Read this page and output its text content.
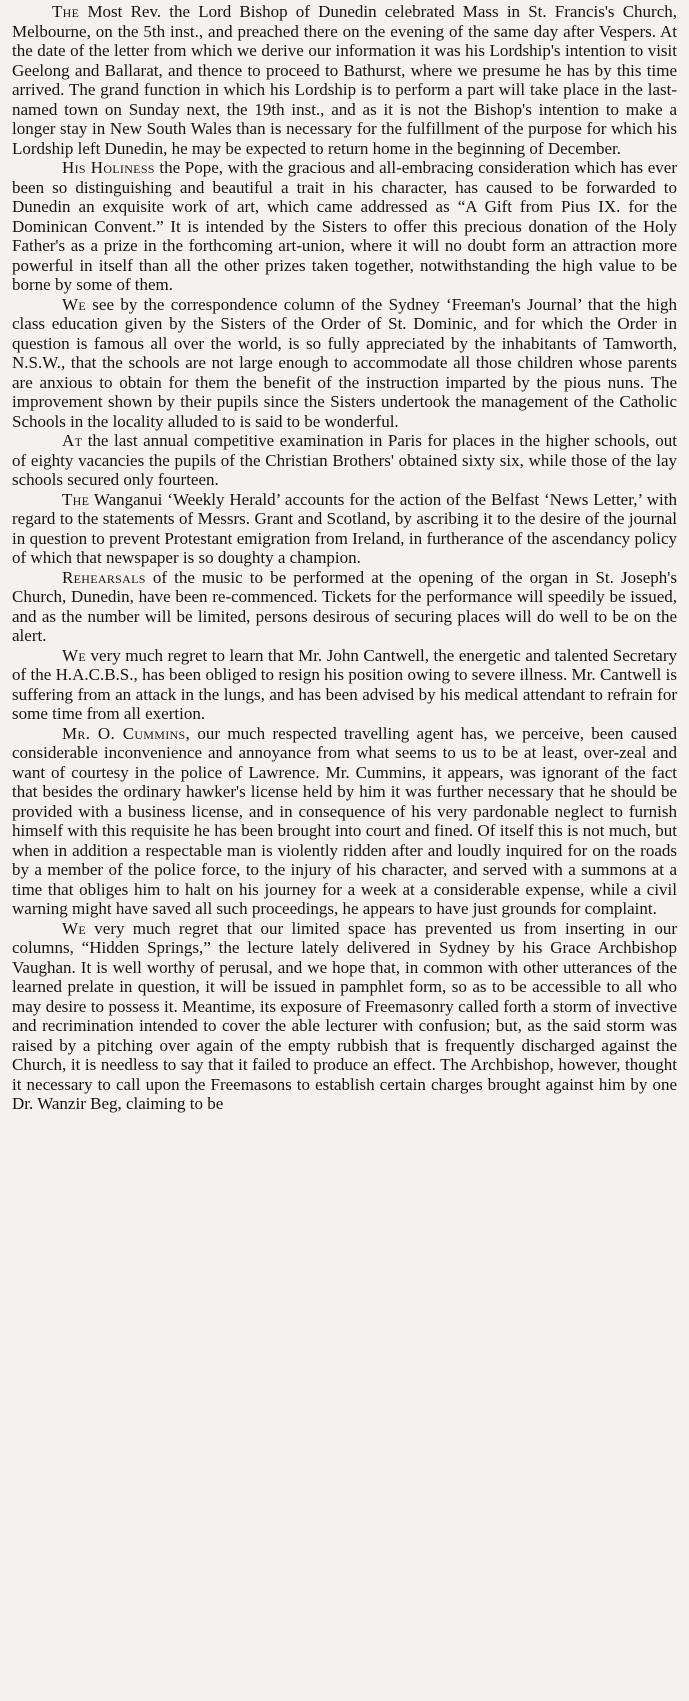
The Most Rev. the Lord Bishop of Dunedin celebrated Mass in St. Francis's Church, Melbourne, on the 5th inst., and preached there on the evening of the same day after Vespers. At the date of the letter from which we derive our information it was his Lordship's intention to visit Geelong and Ballarat, and thence to proceed to Bathurst, where we presume he has by this time arrived. The grand function in which his Lordship is to perform a part will take place in the last-named town on Sunday next, the 19th inst., and as it is not the Bishop's intention to make a longer stay in New South Wales than is necessary for the fulfillment of the purpose for which his Lordship left Dunedin, he may be expected to return home in the beginning of December.

His Holiness the Pope, with the gracious and all-embracing consideration which has ever been so distinguishing and beautiful a trait in his character, has caused to be forwarded to Dunedin an exquisite work of art, which came addressed as “A Gift from Pius IX. for the Dominican Convent.” It is intended by the Sisters to offer this precious donation of the Holy Father's as a prize in the forthcoming art-union, where it will no doubt form an attraction more powerful in itself than all the other prizes taken together, notwithstanding the high value to be borne by some of them.

We see by the correspondence column of the Sydney ‘Freeman's Journal’ that the high class education given by the Sisters of the Order of St. Dominic, and for which the Order in question is famous all over the world, is so fully appreciated by the inhabitants of Tamworth, N.S.W., that the schools are not large enough to accommodate all those children whose parents are anxious to obtain for them the benefit of the instruction imparted by the pious nuns. The improvement shown by their pupils since the Sisters undertook the management of the Catholic Schools in the locality alluded to is said to be wonderful.

At the last annual competitive examination in Paris for places in the higher schools, out of eighty vacancies the pupils of the Christian Brothers' obtained sixty six, while those of the lay schools secured only fourteen.

The Wanganui ‘Weekly Herald’ accounts for the action of the Belfast ‘News Letter,’ with regard to the statements of Messrs. Grant and Scotland, by ascribing it to the desire of the journal in question to prevent Protestant emigration from Ireland, in furtherance of the ascendancy policy of which that newspaper is so doughty a champion.

Rehearsals of the music to be performed at the opening of the organ in St. Joseph's Church, Dunedin, have been re-commenced. Tickets for the performance will speedily be issued, and as the number will be limited, persons desirous of securing places will do well to be on the alert.

We very much regret to learn that Mr. John Cantwell, the energetic and talented Secretary of the H.A.C.B.S., has been obliged to resign his position owing to severe illness. Mr. Cantwell is suffering from an attack in the lungs, and has been advised by his medical attendant to refrain for some time from all exertion.

Mr. O. Cummins, our much respected travelling agent has, we perceive, been caused considerable inconvenience and annoyance from what seems to us to be at least, over-zeal and want of courtesy in the police of Lawrence. Mr. Cummins, it appears, was ignorant of the fact that besides the ordinary hawker's license held by him it was further necessary that he should be provided with a business license, and in consequence of his very pardonable neglect to furnish himself with this requisite he has been brought into court and fined. Of itself this is not much, but when in addition a respectable man is violently ridden after and loudly inquired for on the roads by a member of the police force, to the injury of his character, and served with a summons at a time that obliges him to halt on his journey for a week at a considerable expense, while a civil warning might have saved all such proceedings, he appears to have just grounds for complaint.

We very much regret that our limited space has prevented us from inserting in our columns, “Hidden Springs,” the lecture lately delivered in Sydney by his Grace Archbishop Vaughan. It is well worthy of perusal, and we hope that, in common with other utterances of the learned prelate in question, it will be issued in pamphlet form, so as to be accessible to all who may desire to possess it. Meantime, its exposure of Freemasonry called forth a storm of invective and recrimination intended to cover the able lecturer with confusion; but, as the said storm was raised by a pitching over again of the empty rubbish that is frequently discharged against the Church, it is needless to say that it failed to produce an effect. The Archbishop, however, thought it necessary to call upon the Freemasons to establish certain charges brought against him by one Dr. Wanzir Beg, claiming to be
